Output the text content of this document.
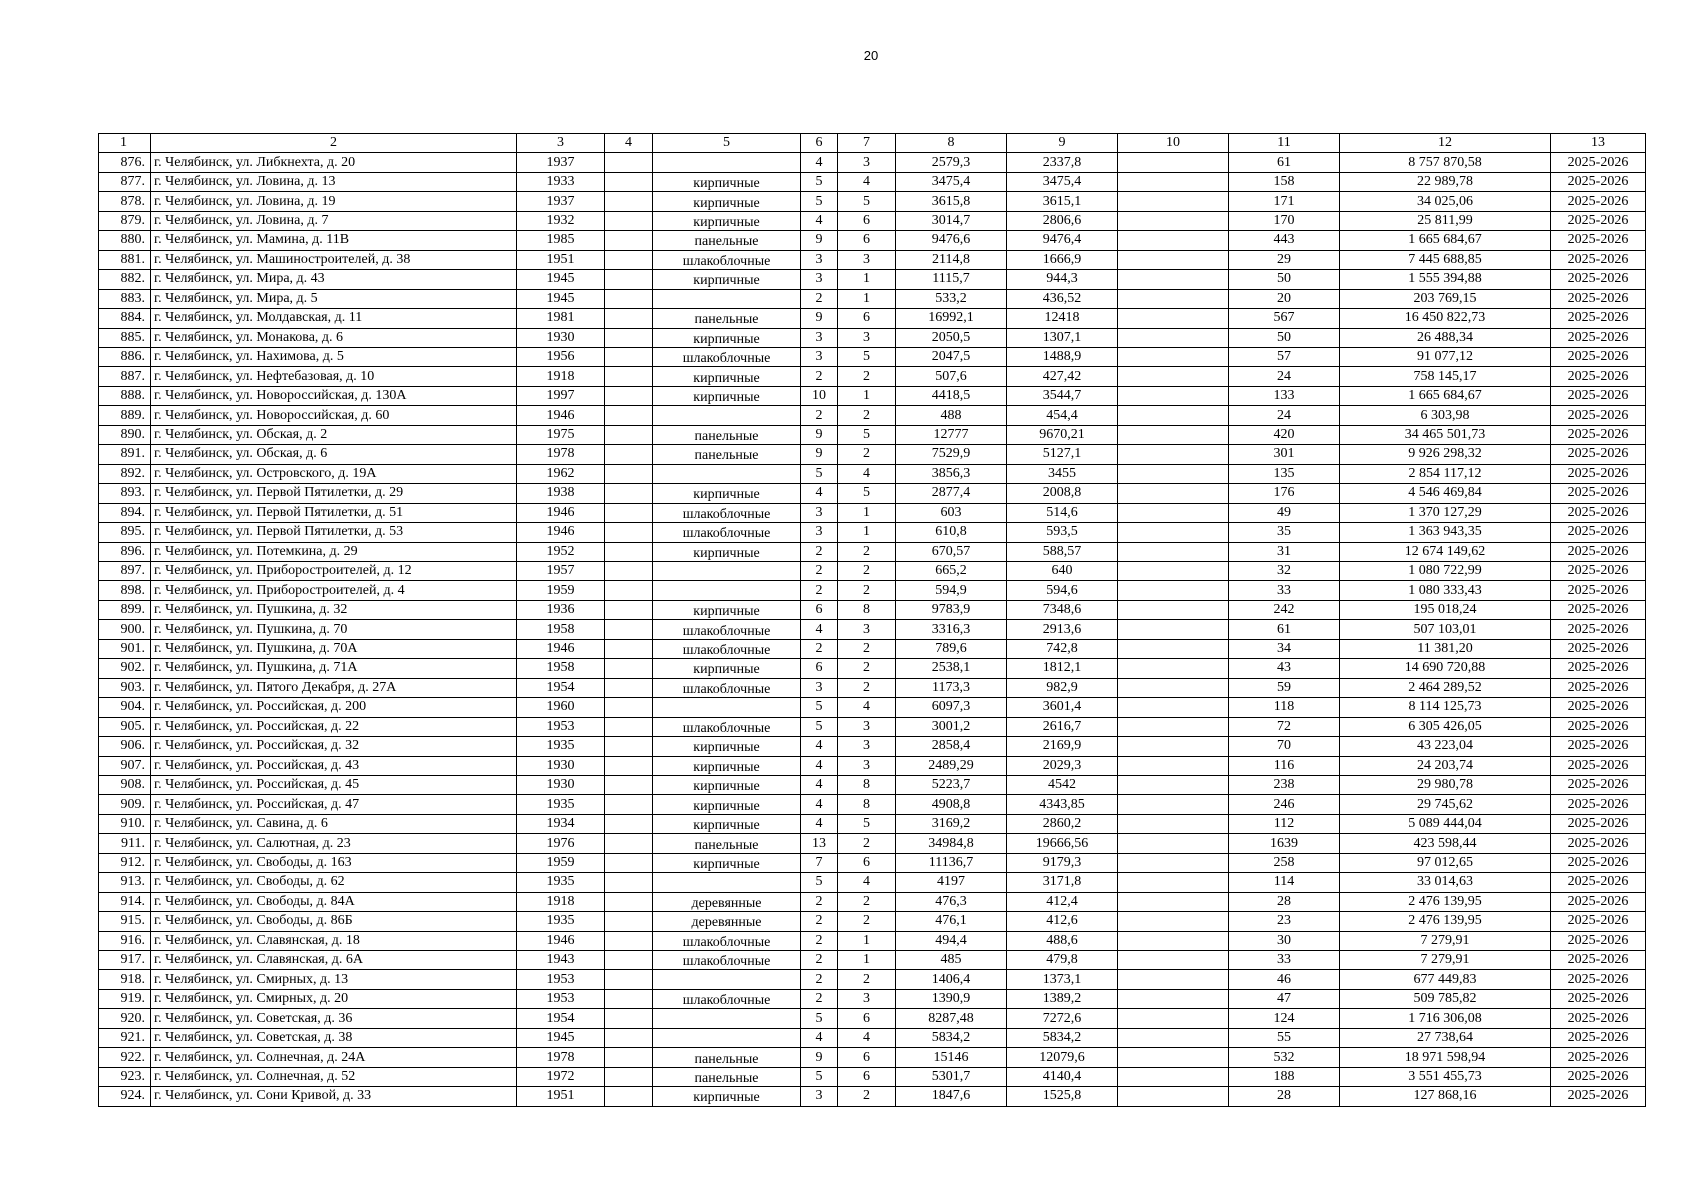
20
1	2	3	4	5	6	7	8	9	10	11	12	13
876.	г. Челябинск, ул. Либкнехта, д. 20	1937			4	3	2579,3	2337,8		61	8 757 870,58	2025-2026
877.	г. Челябинск, ул. Ловина, д. 13	1933		кирпичные	5	4	3475,4	3475,4		158	22 989,78	2025-2026
878.	г. Челябинск, ул. Ловина, д. 19	1937		кирпичные	5	5	3615,8	3615,1		171	34 025,06	2025-2026
879.	г. Челябинск, ул. Ловина, д. 7	1932		кирпичные	4	6	3014,7	2806,6		170	25 811,99	2025-2026
880.	г. Челябинск, ул. Мамина, д. 11В	1985		панельные	9	6	9476,6	9476,4		443	1 665 684,67	2025-2026
881.	г. Челябинск, ул. Машиностроителей, д. 38	1951		шлакоблочные	3	3	2114,8	1666,9		29	7 445 688,85	2025-2026
882.	г. Челябинск, ул. Мира, д. 43	1945		кирпичные	3	1	1115,7	944,3		50	1 555 394,88	2025-2026
883.	г. Челябинск, ул. Мира, д. 5	1945			2	1	533,2	436,52		20	203 769,15	2025-2026
884.	г. Челябинск, ул. Молдавская, д. 11	1981		панельные	9	6	16992,1	12418		567	16 450 822,73	2025-2026
885.	г. Челябинск, ул. Монакова, д. 6	1930		кирпичные	3	3	2050,5	1307,1		50	26 488,34	2025-2026
886.	г. Челябинск, ул. Нахимова, д. 5	1956		шлакоблочные	3	5	2047,5	1488,9		57	91 077,12	2025-2026
887.	г. Челябинск, ул. Нефтебазовая, д. 10	1918		кирпичные	2	2	507,6	427,42		24	758 145,17	2025-2026
888.	г. Челябинск, ул. Новороссийская, д. 130А	1997		кирпичные	10	1	4418,5	3544,7		133	1 665 684,67	2025-2026
889.	г. Челябинск, ул. Новороссийская, д. 60	1946			2	2	488	454,4		24	6 303,98	2025-2026
890.	г. Челябинск, ул. Обская, д. 2	1975		панельные	9	5	12777	9670,21		420	34 465 501,73	2025-2026
891.	г. Челябинск, ул. Обская, д. 6	1978		панельные	9	2	7529,9	5127,1		301	9 926 298,32	2025-2026
892.	г. Челябинск, ул. Островского, д. 19А	1962			5	4	3856,3	3455		135	2 854 117,12	2025-2026
893.	г. Челябинск, ул. Первой Пятилетки, д. 29	1938		кирпичные	4	5	2877,4	2008,8		176	4 546 469,84	2025-2026
894.	г. Челябинск, ул. Первой Пятилетки, д. 51	1946		шлакоблочные	3	1	603	514,6		49	1 370 127,29	2025-2026
895.	г. Челябинск, ул. Первой Пятилетки, д. 53	1946		шлакоблочные	3	1	610,8	593,5		35	1 363 943,35	2025-2026
896.	г. Челябинск, ул. Потемкина, д. 29	1952		кирпичные	2	2	670,57	588,57		31	12 674 149,62	2025-2026
897.	г. Челябинск, ул. Приборостроителей, д. 12	1957			2	2	665,2	640		32	1 080 722,99	2025-2026
898.	г. Челябинск, ул. Приборостроителей, д. 4	1959			2	2	594,9	594,6		33	1 080 333,43	2025-2026
899.	г. Челябинск, ул. Пушкина, д. 32	1936		кирпичные	6	8	9783,9	7348,6		242	195 018,24	2025-2026
900.	г. Челябинск, ул. Пушкина, д. 70	1958		шлакоблочные	4	3	3316,3	2913,6		61	507 103,01	2025-2026
901.	г. Челябинск, ул. Пушкина, д. 70А	1946		шлакоблочные	2	2	789,6	742,8		34	11 381,20	2025-2026
902.	г. Челябинск, ул. Пушкина, д. 71А	1958		кирпичные	6	2	2538,1	1812,1		43	14 690 720,88	2025-2026
903.	г. Челябинск, ул. Пятого Декабря, д. 27А	1954		шлакоблочные	3	2	1173,3	982,9		59	2 464 289,52	2025-2026
904.	г. Челябинск, ул. Российская, д. 200	1960			5	4	6097,3	3601,4		118	8 114 125,73	2025-2026
905.	г. Челябинск, ул. Российская, д. 22	1953		шлакоблочные	5	3	3001,2	2616,7		72	6 305 426,05	2025-2026
906.	г. Челябинск, ул. Российская, д. 32	1935		кирпичные	4	3	2858,4	2169,9		70	43 223,04	2025-2026
907.	г. Челябинск, ул. Российская, д. 43	1930		кирпичные	4	3	2489,29	2029,3		116	24 203,74	2025-2026
908.	г. Челябинск, ул. Российская, д. 45	1930		кирпичные	4	8	5223,7	4542		238	29 980,78	2025-2026
909.	г. Челябинск, ул. Российская, д. 47	1935		кирпичные	4	8	4908,8	4343,85		246	29 745,62	2025-2026
910.	г. Челябинск, ул. Савина, д. 6	1934		кирпичные	4	5	3169,2	2860,2		112	5 089 444,04	2025-2026
911.	г. Челябинск, ул. Салютная, д. 23	1976		панельные	13	2	34984,8	19666,56		1639	423 598,44	2025-2026
912.	г. Челябинск, ул. Свободы, д. 163	1959		кирпичные	7	6	11136,7	9179,3		258	97 012,65	2025-2026
913.	г. Челябинск, ул. Свободы, д. 62	1935			5	4	4197	3171,8		114	33 014,63	2025-2026
914.	г. Челябинск, ул. Свободы, д. 84А	1918		деревянные	2	2	476,3	412,4		28	2 476 139,95	2025-2026
915.	г. Челябинск, ул. Свободы, д. 86Б	1935		деревянные	2	2	476,1	412,6		23	2 476 139,95	2025-2026
916.	г. Челябинск, ул. Славянская, д. 18	1946		шлакоблочные	2	1	494,4	488,6		30	7 279,91	2025-2026
917.	г. Челябинск, ул. Славянская, д. 6А	1943		шлакоблочные	2	1	485	479,8		33	7 279,91	2025-2026
918.	г. Челябинск, ул. Смирных, д. 13	1953			2	2	1406,4	1373,1		46	677 449,83	2025-2026
919.	г. Челябинск, ул. Смирных, д. 20	1953		шлакоблочные	2	3	1390,9	1389,2		47	509 785,82	2025-2026
920.	г. Челябинск, ул. Советская, д. 36	1954			5	6	8287,48	7272,6		124	1 716 306,08	2025-2026
921.	г. Челябинск, ул. Советская, д. 38	1945			4	4	5834,2	5834,2		55	27 738,64	2025-2026
922.	г. Челябинск, ул. Солнечная, д. 24А	1978		панельные	9	6	15146	12079,6		532	18 971 598,94	2025-2026
923.	г. Челябинск, ул. Солнечная, д. 52	1972		панельные	5	6	5301,7	4140,4		188	3 551 455,73	2025-2026
924.	г. Челябинск, ул. Сони Кривой, д. 33	1951		кирпичные	3	2	1847,6	1525,8		28	127 868,16	2025-2026
